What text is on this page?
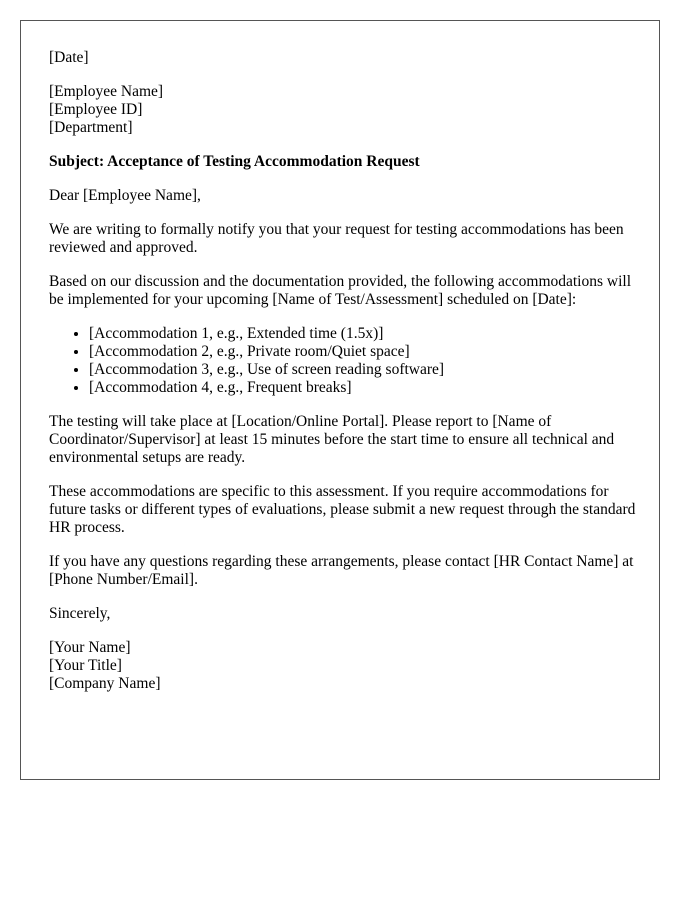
[Date]
[Employee Name]
[Employee ID]
[Department]
Subject: Acceptance of Testing Accommodation Request
Dear [Employee Name],
We are writing to formally notify you that your request for testing accommodations has been reviewed and approved.
Based on our discussion and the documentation provided, the following accommodations will be implemented for your upcoming [Name of Test/Assessment] scheduled on [Date]:
• [Accommodation 1, e.g., Extended time (1.5x)]
• [Accommodation 2, e.g., Private room/Quiet space]
• [Accommodation 3, e.g., Use of screen reading software]
• [Accommodation 4, e.g., Frequent breaks]
The testing will take place at [Location/Online Portal]. Please report to [Name of Coordinator/Supervisor] at least 15 minutes before the start time to ensure all technical and environmental setups are ready.
These accommodations are specific to this assessment. If you require accommodations for future tasks or different types of evaluations, please submit a new request through the standard HR process.
If you have any questions regarding these arrangements, please contact [HR Contact Name] at [Phone Number/Email].
Sincerely,
[Your Name]
[Your Title]
[Company Name]
